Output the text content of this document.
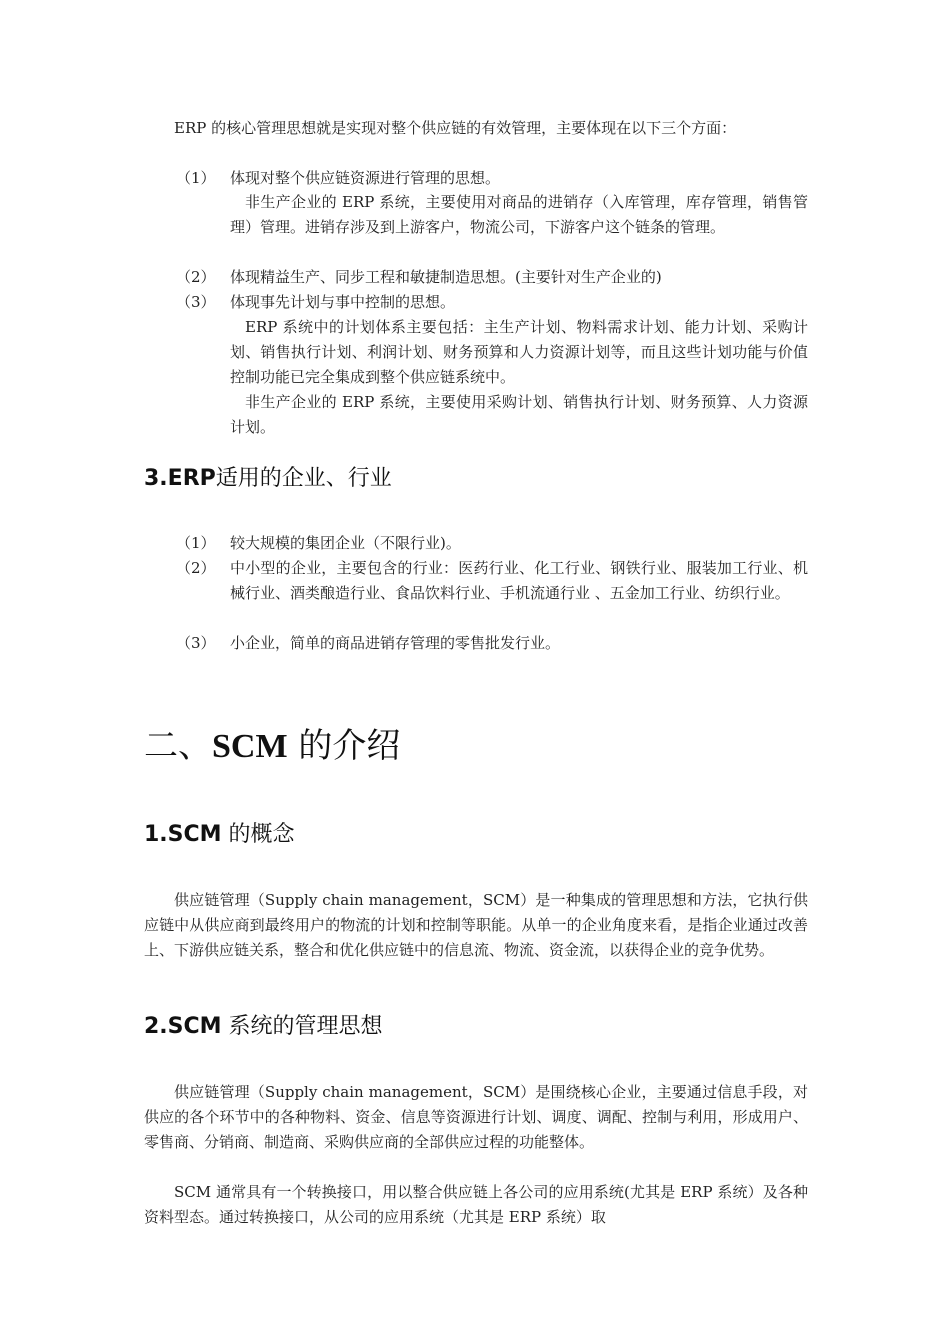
ERP 的核心管理思想就是实现对整个供应链的有效管理，主要体现在以下三个方面：

（1） 体现对整个供应链资源进行管理的思想。

非生产企业的 ERP 系统，主要使用对商品的进销存（入库管理，库存管理，销售管理）管理。进销存涉及到上游客户，物流公司，下游客户这个链条的管理。

（2） 体现精益生产、同步工程和敏捷制造思想。(主要针对生产企业的)
（3） 体现事先计划与事中控制的思想。

ERP 系统中的计划体系主要包括：主生产计划、物料需求计划、能力计划、采购计划、销售执行计划、利润计划、财务预算和人力资源计划等，而且这些计划功能与价值控制功能已完全集成到整个供应链系统中。

非生产企业的 ERP 系统，主要使用采购计划、销售执行计划、财务预算、人力资源计划。

3.ERP适用的企业、行业
（1） 较大规模的集团企业（不限行业)。
（2） 中小型的企业，主要包含的行业：医药行业、化工行业、钢铁行业、服装加工行业、机械行业、酒类酿造行业、食品饮料行业、手机流通行业 、五金加工行业、纺织行业。
（3） 小企业，简单的商品进销存管理的零售批发行业。
二、SCM 的介绍
1.SCM 的概念

供应链管理（Supply chain management，SCM）是一种集成的管理思想和方法，它执行供应链中从供应商到最终用户的物流的计划和控制等职能。从单一的企业角度来看，是指企业通过改善上、下游供应链关系，整合和优化供应链中的信息流、物流、资金流，以获得企业的竞争优势。

2.SCM 系统的管理思想

供应链管理（Supply chain management，SCM）是围绕核心企业，主要通过信息手段，对供应的各个环节中的各种物料、资金、信息等资源进行计划、调度、调配、控制与利用，形成用户、零售商、分销商、制造商、采购供应商的全部供应过程的功能整体。

SCM 通常具有一个转换接口，用以整合供应链上各公司的应用系统(尤其是 ERP 系统）及各种资料型态。通过转换接口，从公司的应用系统（尤其是 ERP 系统）取
